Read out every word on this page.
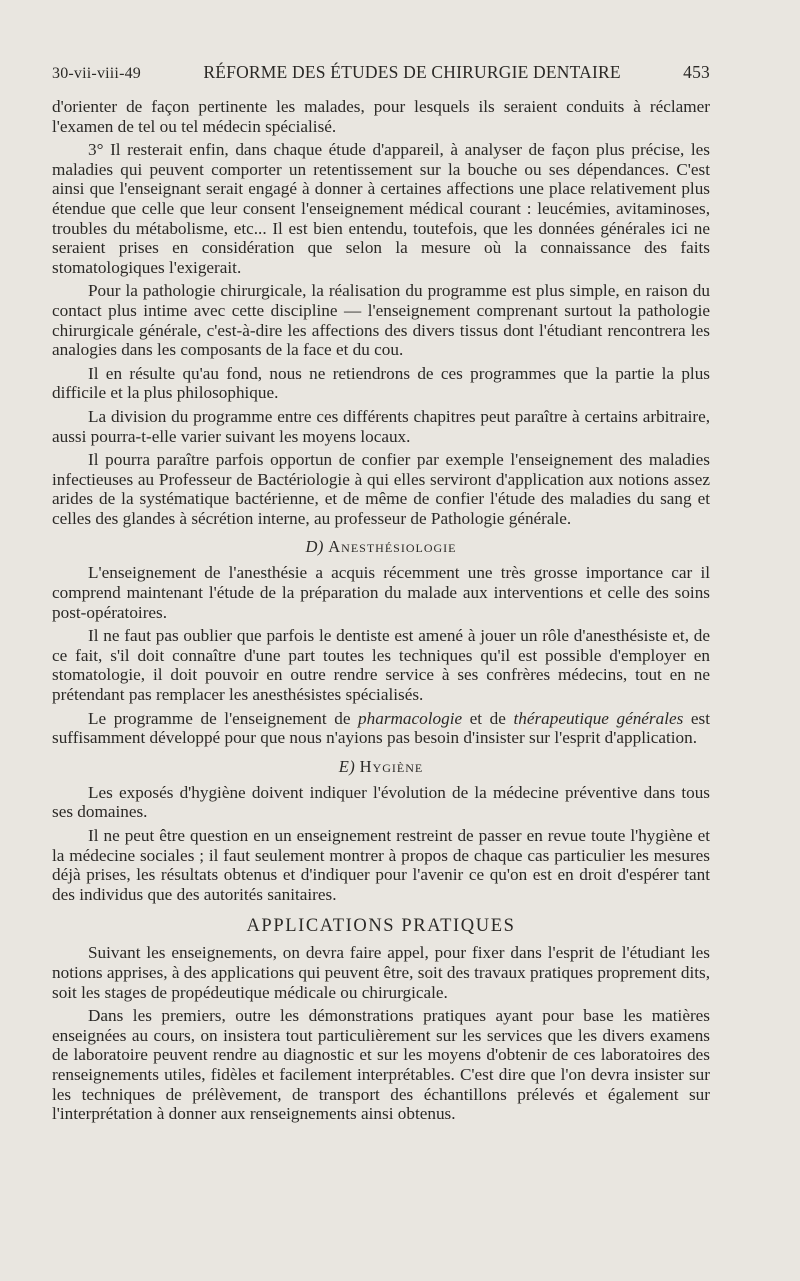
30-vii-viii-49	RÉFORME DES ÉTUDES DE CHIRURGIE DENTAIRE	453

d'orienter de façon pertinente les malades, pour lesquels ils seraient conduits à réclamer l'examen de tel ou tel médecin spécialisé.

3° Il resterait enfin, dans chaque étude d'appareil, à analyser de façon plus précise, les maladies qui peuvent comporter un retentissement sur la bouche ou ses dépendances. C'est ainsi que l'enseignant serait engagé à donner à certaines affections une place relativement plus étendue que celle que leur consent l'enseignement médical courant : leucémies, avitaminoses, troubles du métabolisme, etc... Il est bien entendu, toutefois, que les données générales ici ne seraient prises en considération que selon la mesure où la connaissance des faits stomatologiques l'exigerait.

Pour la pathologie chirurgicale, la réalisation du programme est plus simple, en raison du contact plus intime avec cette discipline — l'enseignement comprenant surtout la pathologie chirurgicale générale, c'est-à-dire les affections des divers tissus dont l'étudiant rencontrera les analogies dans les composants de la face et du cou.

Il en résulte qu'au fond, nous ne retiendrons de ces programmes que la partie la plus difficile et la plus philosophique.

La division du programme entre ces différents chapitres peut paraître à certains arbitraire, aussi pourra-t-elle varier suivant les moyens locaux.

Il pourra paraître parfois opportun de confier par exemple l'enseignement des maladies infectieuses au Professeur de Bactériologie à qui elles serviront d'application aux notions assez arides de la systématique bactérienne, et de même de confier l'étude des maladies du sang et celles des glandes à sécrétion interne, au professeur de Pathologie générale.

D) Anesthésiologie

L'enseignement de l'anesthésie a acquis récemment une très grosse importance car il comprend maintenant l'étude de la préparation du malade aux interventions et celle des soins post-opératoires.

Il ne faut pas oublier que parfois le dentiste est amené à jouer un rôle d'anesthésiste et, de ce fait, s'il doit connaître d'une part toutes les techniques qu'il est possible d'employer en stomatologie, il doit pouvoir en outre rendre service à ses confrères médecins, tout en ne prétendant pas remplacer les anesthésistes spécialisés.

Le programme de l'enseignement de pharmacologie et de thérapeutique générales est suffisamment développé pour que nous n'ayions pas besoin d'insister sur l'esprit d'application.

E) Hygiène

Les exposés d'hygiène doivent indiquer l'évolution de la médecine préventive dans tous ses domaines.

Il ne peut être question en un enseignement restreint de passer en revue toute l'hygiène et la médecine sociales ; il faut seulement montrer à propos de chaque cas particulier les mesures déjà prises, les résultats obtenus et d'indiquer pour l'avenir ce qu'on est en droit d'espérer tant des individus que des autorités sanitaires.

APPLICATIONS PRATIQUES

Suivant les enseignements, on devra faire appel, pour fixer dans l'esprit de l'étudiant les notions apprises, à des applications qui peuvent être, soit des travaux pratiques proprement dits, soit les stages de propédeutique médicale ou chirurgicale.

Dans les premiers, outre les démonstrations pratiques ayant pour base les matières enseignées au cours, on insistera tout particulièrement sur les services que les divers examens de laboratoire peuvent rendre au diagnostic et sur les moyens d'obtenir de ces laboratoires des renseignements utiles, fidèles et facilement interprétables. C'est dire que l'on devra insister sur les techniques de prélèvement, de transport des échantillons prélevés et également sur l'interprétation à donner aux renseignements ainsi obtenus.
